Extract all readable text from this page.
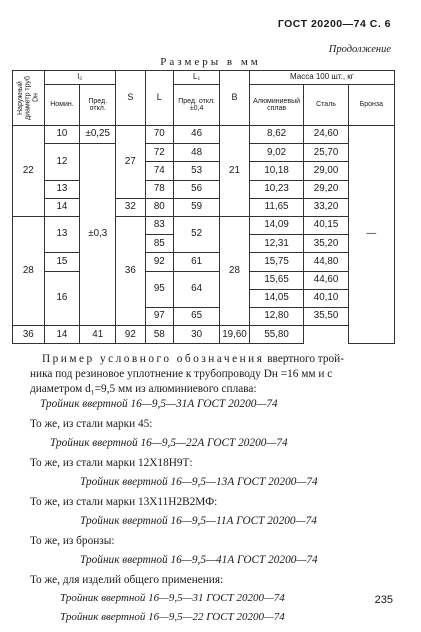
ГОСТ 20200—74 С. 6
Продолжение
Размеры в мм
Наружный диаметр труб Dн	l₂		S	L	L₁	B	Масса 100 шт., кг		
	Номин.	Пред. откл.			Пред. откл. ±0,4		Алюминиевый сплав	Сталь	Бронза
22	10	±0,25	27	70	46	21	8,62	24,60	—
	12	±0,3		72	48		9,02	25,70	
				74	53		10,18	29,00	
	13			78	56		10,23	29,20	
	14		32	80	59		11,65	33,20	
28	13		36	83	52	28	14,09	40,15	
				85			12,31	35,20	
	15			92	61		15,75	44,80	
	16			95	64		15,65	44,60	
							14,05	40,10	
				97	65		12,80	35,50	
36	14	41	92	58	30	19,60	55,80		
Пример условного обозначения ввертного трой-
ника под резиновое уплотнение к трубопроводу Dн =16 мм и с
диаметром d₁=9,5 мм из алюминиевого сплава:
Тройник ввертной 16—9,5—31А ГОСТ 20200—74
То же, из стали марки 45:
Тройник ввертной 16—9,5—22А ГОСТ 20200—74
То же, из стали марки 12Х18Н9Т:
Тройник ввертной 16—9,5—13А ГОСТ 20200—74
То же, из стали марки 13Х11Н2В2МФ:
Тройник ввертной 16—9,5—11А ГОСТ 20200—74
То же, из бронзы:
Тройник ввертной 16—9,5—41А ГОСТ 20200—74
То же, для изделий общего применения:
Тройник ввертной 16—9,5—31 ГОСТ 20200—74	235
Тройник ввертной 16—9,5—22 ГОСТ 20200—74
